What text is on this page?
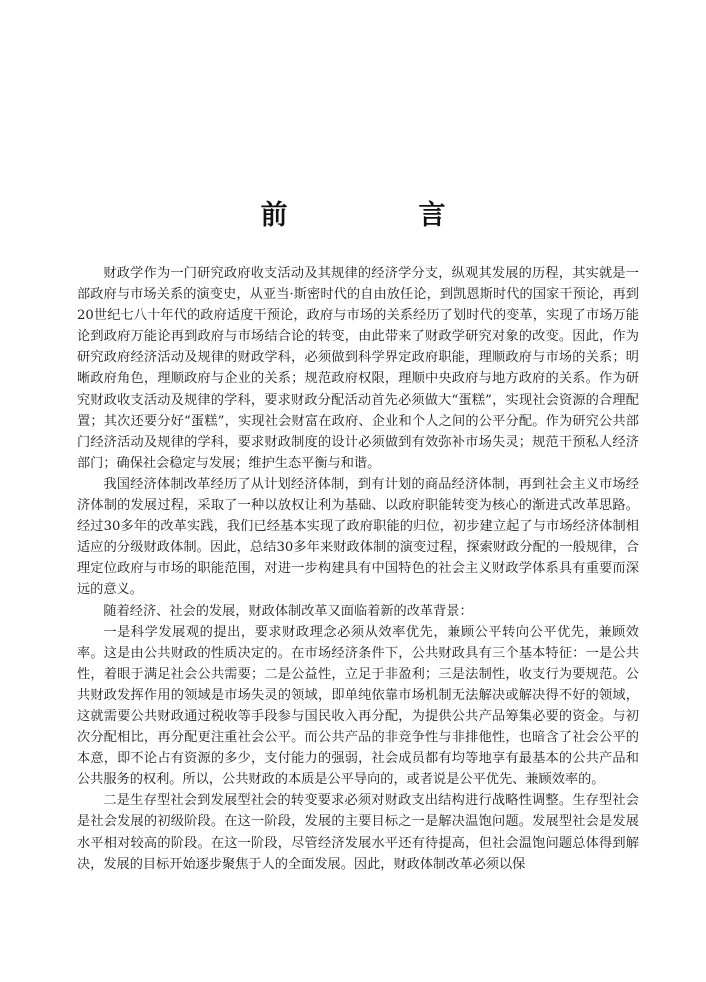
前　言

财政学作为一门研究政府收支活动及其规律的经济学分支，纵观其发展的历程，其实就是一部政府与市场关系的演变史，从亚当·斯密时代的自由放任论，到凯恩斯时代的国家干预论，再到20世纪七八十年代的政府适度干预论，政府与市场的关系经历了划时代的变革，实现了市场万能论到政府万能论再到政府与市场结合论的转变，由此带来了财政学研究对象的改变。因此，作为研究政府经济活动及规律的财政学科，必须做到科学界定政府职能，理顺政府与市场的关系；明晰政府角色，理顺政府与企业的关系；规范政府权限，理顺中央政府与地方政府的关系。作为研究财政收支活动及规律的学科，要求财政分配活动首先必须做大“蛋糕”，实现社会资源的合理配置；其次还要分好“蛋糕”，实现社会财富在政府、企业和个人之间的公平分配。作为研究公共部门经济活动及规律的学科，要求财政制度的设计必须做到有效弥补市场失灵；规范干预私人经济部门；确保社会稳定与发展；维护生态平衡与和谐。

我国经济体制改革经历了从计划经济体制，到有计划的商品经济体制，再到社会主义市场经济体制的发展过程，采取了一种以放权让利为基础、以政府职能转变为核心的渐进式改革思路。经过30多年的改革实践，我们已经基本实现了政府职能的归位，初步建立起了与市场经济体制相适应的分级财政体制。因此，总结30多年来财政体制的演变过程，探索财政分配的一般规律，合理定位政府与市场的职能范围，对进一步构建具有中国特色的社会主义财政学体系具有重要而深远的意义。

随着经济、社会的发展，财政体制改革又面临着新的改革背景：

一是科学发展观的提出，要求财政理念必须从效率优先，兼顾公平转向公平优先，兼顾效率。这是由公共财政的性质决定的。在市场经济条件下，公共财政具有三个基本特征：一是公共性，着眼于满足社会公共需要；二是公益性，立足于非盈利；三是法制性，收支行为要规范。公共财政发挥作用的领域是市场失灵的领域，即单纯依靠市场机制无法解决或解决得不好的领域，这就需要公共财政通过税收等手段参与国民收入再分配，为提供公共产品筹集必要的资金。与初次分配相比，再分配更注重社会公平。而公共产品的非竞争性与非排他性，也暗含了社会公平的本意，即不论占有资源的多少，支付能力的强弱，社会成员都有均等地享有最基本的公共产品和公共服务的权利。所以，公共财政的本质是公平导向的，或者说是公平优先、兼顾效率的。

二是生存型社会到发展型社会的转变要求必须对财政支出结构进行战略性调整。生存型社会是社会发展的初级阶段。在这一阶段，发展的主要目标之一是解决温饱问题。发展型社会是发展水平相对较高的阶段。在这一阶段，尽管经济发展水平还有待提高，但社会温饱问题总体得到解决，发展的目标开始逐步聚焦于人的全面发展。因此，财政体制改革必须以保
